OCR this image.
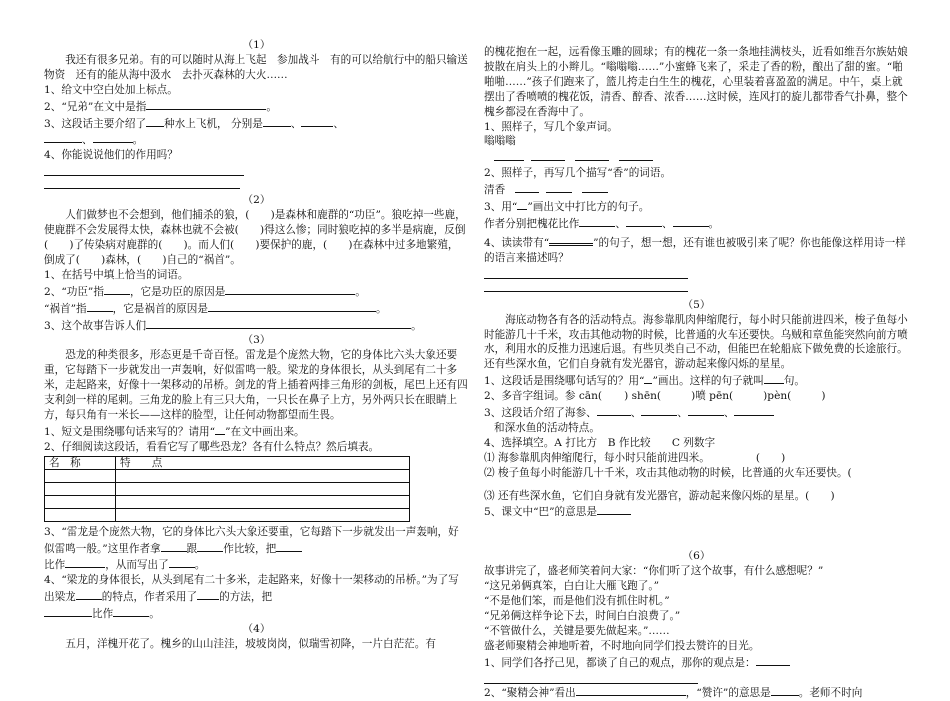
（1）

我还有很多兄弟。有的可以随时从海上飞起　参加战斗　有的可以给航行中的船只输送物资　还有的能从海中汲水　去扑灭森林的大火……

1、给文中空白处加上标点。

2、“兄弟”在文中是指	。

3、这段话主要介绍了 种水上飞机， 分别是	、	、

、	。

4、你能说说他们的作用吗？

（2）

人们做梦也不会想到，他们捕杀的狼，(　　)是森林和鹿群的“功臣”。狼吃掉一些鹿，使鹿群不会发展得太快，森林也就不会被(　　)得这么惨；同时狼吃掉的多半是病鹿，反倒(　　)了传染病对鹿群的(　　)。而人们(　　)要保护的鹿，(　　)在森林中过多地繁殖，倒成了(　　)森林，(　　)自己的“祸首”。

1、在括号中填上恰当的词语。

2、“功臣”指 ，它是功臣的原因是	。

“祸首”指 ，它是祸首的原因是	。

3、这个故事告诉人们	。

（3）

恐龙的种类很多，形态更是千奇百怪。雷龙是个庞然大物，它的身体比六头大象还要重，它每踏下一步就发出一声轰响，好似雷鸣一般。梁龙的身体很长，从头到尾有二十多米，走起路来，好像十一架移动的吊桥。剑龙的背上插着两排三角形的剑板，尾巴上还有四支利剑一样的尾刺。三角龙的脸上有三只大角，一只长在鼻子上方，另外两只长在眼睛上方，每只角有一米长——这样的脸型，让任何动物都望而生畏。

1、短文是围绕哪句话来写的？请用“ ”在文中画出来。

2、仔细阅读这段话，看看它写了哪些恐龙？各有什么特点？然后填表。

名　称	特　　点

3、“雷龙是个庞然大物，它的身体比六头大象还要重，它每踏下一步就发出一声轰响，好似雷鸣一般。”这里作者拿 跟 作比较，把

比作	，从而写出了 。

4、“梁龙的身体很长，从头到尾有二十多米，走起路来，好像十一架移动的吊桥。”为了写出梁龙 的特点，作者采用了 的方法，把

比作	。

（4）

五月，洋槐开花了。槐乡的山山洼洼，坡坡岗岗，似瑞雪初降，一片白茫茫。有

的槐花抱在一起，远看像玉雕的圆球；有的槐花一条一条地挂满枝头，近看如维吾尔族姑娘披散在肩头上的小辫儿。“嗡嗡嗡……”小蜜蜂飞来了，采走了香的粉，酿出了甜的蜜。“啪啪啪……”孩子们跑来了，篮儿挎走白生生的槐花，心里装着喜盈盈的满足。中午，桌上就摆出了香喷喷的槐花饭，清香、醇香、浓香……这时候，连风打的旋儿都带香气扑鼻，整个槐乡都浸在香海中了。

1、照样子，写几个象声词。

嗡嗡嗡

2、照样子，再写几个描写“香”的词语。

清香

3、用“ ”画出文中打比方的句子。

作者分别把槐花比作	、	、	。

4、读读带有“	”的句子，想一想，还有谁也被吸引来了呢？你也能像这样用诗一样的语言来描述吗？

（5）

海底动物各有各的活动特点。海参靠肌肉伸缩爬行，每小时只能前进四米，梭子鱼每小时能游几十千米，攻击其他动物的时候，比普通的火车还要快。乌贼和章鱼能突然向前方喷水，利用水的反推力迅速后退。有些贝类自己不动，但能巴在轮船底下做免费的长途旅行。还有些深水鱼，它们自身就有发光器官，游动起来像闪烁的星星。

1、这段话是围绕哪句话写的？用“ ”画出。这样的句子就叫 句。

2、多音字组词。参 cān( ) shēn(	)喷 pēn(	)pèn(	)

3、这段话介绍了海参、	、	、	、

和深水鱼的活动特点。

4、选择填空。A 打比方　B 作比较　　C 列数字

⑴ 海参靠肌肉伸缩爬行，每小时只能前进四米。	(　　)

⑵ 梭子鱼每小时能游几十千米，攻击其他动物的时候，比普通的火车还要快。(

⑶ 还有些深水鱼，它们自身就有发光器官，游动起来像闪烁的星星。(　　)

5、课文中“巴”的意思是

（6）

故事讲完了，盛老师笑着问大家：“你们听了这个故事，有什么感想呢？”

“这兄弟俩真笨，白白让大雁飞跑了。”

“不是他们笨，而是他们没有抓住时机。”

“兄弟俩这样争论下去，时间白白浪费了。”

“不管做什么，关键是要先做起来。”……

盛老师聚精会神地听着，不时地向同学们投去赞许的目光。

1、同学们各抒己见，都谈了自己的观点，那你的观点是：

2、“聚精会神”看出	，“赞许”的意思是	。老师不时向
